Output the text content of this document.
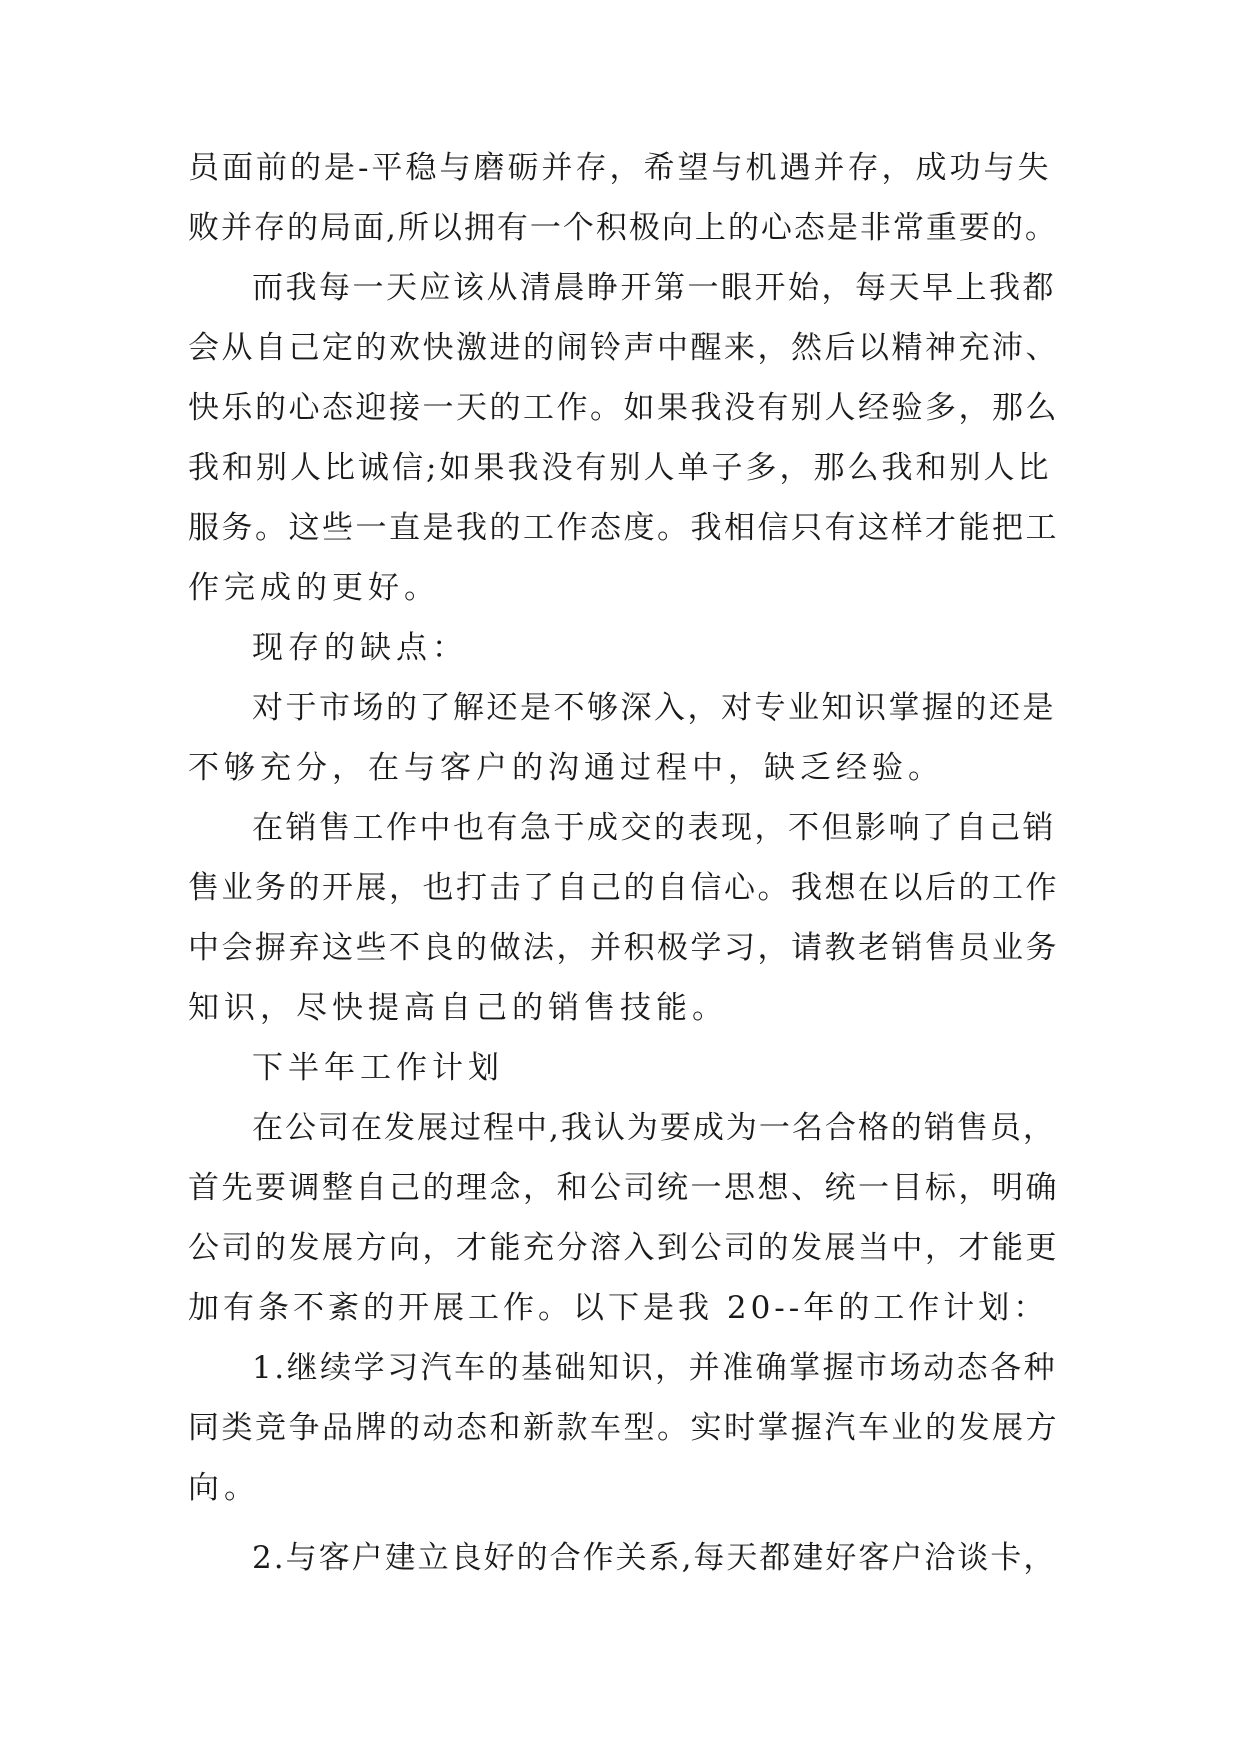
员面前的是-平稳与磨砺并存，希望与机遇并存，成功与失
败并存的局面,所以拥有一个积极向上的心态是非常重要的。
而我每一天应该从清晨睁开第一眼开始，每天早上我都
会从自己定的欢快激进的闹铃声中醒来，然后以精神充沛、
快乐的心态迎接一天的工作。如果我没有别人经验多，那么
我和别人比诚信;如果我没有别人单子多，那么我和别人比
服务。这些一直是我的工作态度。我相信只有这样才能把工
作完成的更好。
现存的缺点：
对于市场的了解还是不够深入，对专业知识掌握的还是
不够充分，在与客户的沟通过程中，缺乏经验。
在销售工作中也有急于成交的表现，不但影响了自己销
售业务的开展，也打击了自己的自信心。我想在以后的工作
中会摒弃这些不良的做法，并积极学习，请教老销售员业务
知识，尽快提高自己的销售技能。
下半年工作计划
在公司在发展过程中,我认为要成为一名合格的销售员，
首先要调整自己的理念，和公司统一思想、统一目标，明确
公司的发展方向，才能充分溶入到公司的发展当中，才能更
加有条不紊的开展工作。以下是我 20--年的工作计划：
1.继续学习汽车的基础知识，并准确掌握市场动态各种
同类竞争品牌的动态和新款车型。实时掌握汽车业的发展方
向。
2.与客户建立良好的合作关系,每天都建好客户洽谈卡，
